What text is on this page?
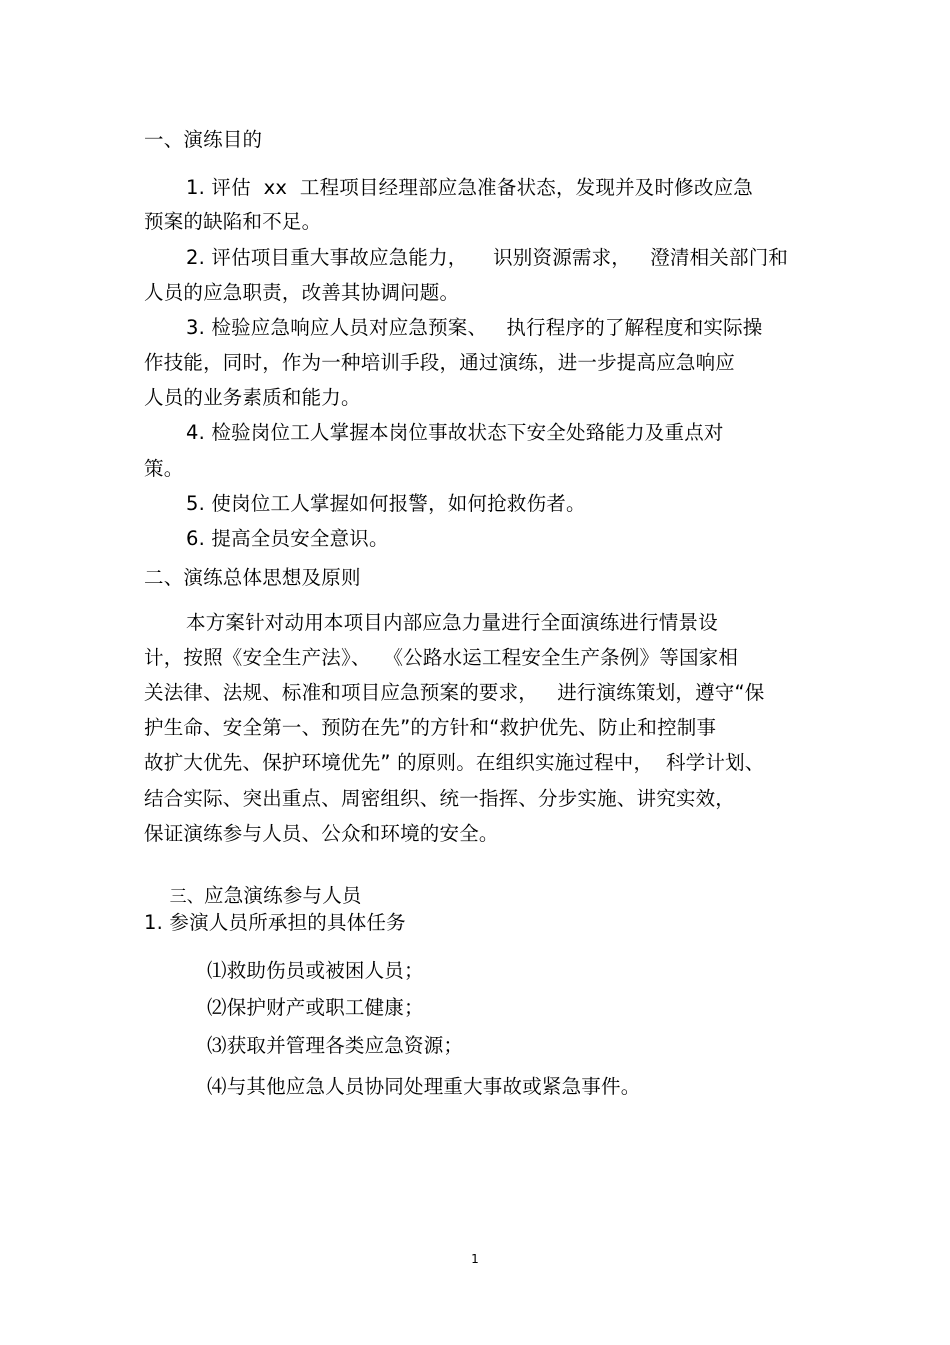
一、演练目的
1. 评估  xx  工程项目经理部应急准备状态，发现并及时修改应急
预案的缺陷和不足。
2. 评估项目重大事故应急能力，    识别资源需求，   澄清相关部门和
人员的应急职责，改善其协调问题。
3. 检验应急响应人员对应急预案、   执行程序的了解程度和实际操
作技能，同时，作为一种培训手段，通过演练，进一步提高应急响应
人员的业务素质和能力。
4. 检验岗位工人掌握本岗位事故状态下安全处臵能力及重点对
策。
5. 使岗位工人掌握如何报警，如何抢救伤者。
6. 提高全员安全意识。
二、演练总体思想及原则
本方案针对动用本项目内部应急力量进行全面演练进行情景设
计，按照《安全生产法》、  《公路水运工程安全生产条例》等国家相
关法律、法规、标准和项目应急预案的要求，   进行演练策划，遵守“保
护生命、安全第一、预防在先”的方针和“救护优先、防止和控制事
故扩大优先、保护环境优先” 的原则。在组织实施过程中，  科学计划、
结合实际、突出重点、周密组织、统一指挥、分步实施、讲究实效，
保证演练参与人员、公众和环境的安全。

三、应急演练参与人员

1. 参演人员所承担的具体任务
⑴救助伤员或被困人员；
⑵保护财产或职工健康；
⑶获取并管理各类应急资源；
⑷与其他应急人员协同处理重大事故或紧急事件。
1
